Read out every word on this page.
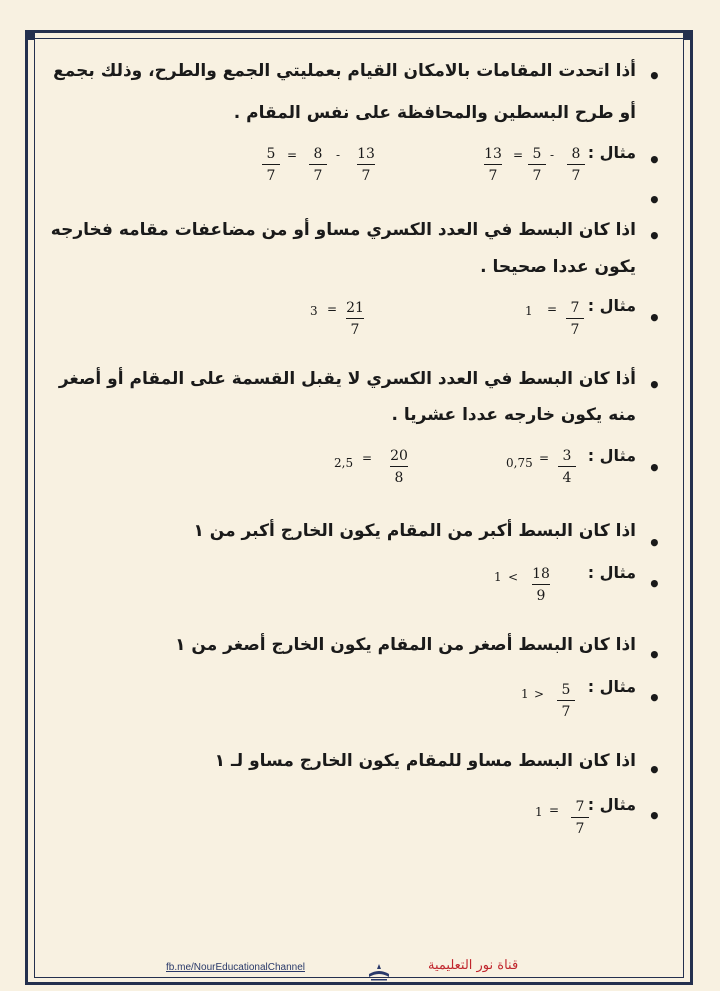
•
أذا اتحدت المقامات بالامكان القيام بعمليتي الجمع والطرح، وذلك بجمع
أو طرح البسطين والمحافظة على نفس المقام .
•
مثال :
8
7
-
5
7
=
13
7
13
7
-
8
7
=
5
7
•
•
اذا كان البسط في العدد الكسري مساو أو من مضاعفات مقامه فخارجه
يكون عددا صحيحا .
•
مثال :
7
7
=
1
21
7
=
3
•
أذا كان البسط في العدد الكسري لا يقبل القسمة على المقام أو أصغر
منه يكون خارجه عددا عشريا .
•
مثال :
3
4
=
0,75
20
8
=
2,5
•
اذا كان البسط أكبر من المقام يكون الخارج أكبر من ١
•
مثال :
18
9
<
1
•
اذا كان البسط أصغر من المقام يكون الخارج أصغر من ١
•
مثال :
5
7
>
1
•
اذا كان البسط مساو للمقام يكون الخارج مساو لـ ١
•
مثال :
7
7
=
1
fb.me/NourEducationalChannel	قناة نور التعليمية
